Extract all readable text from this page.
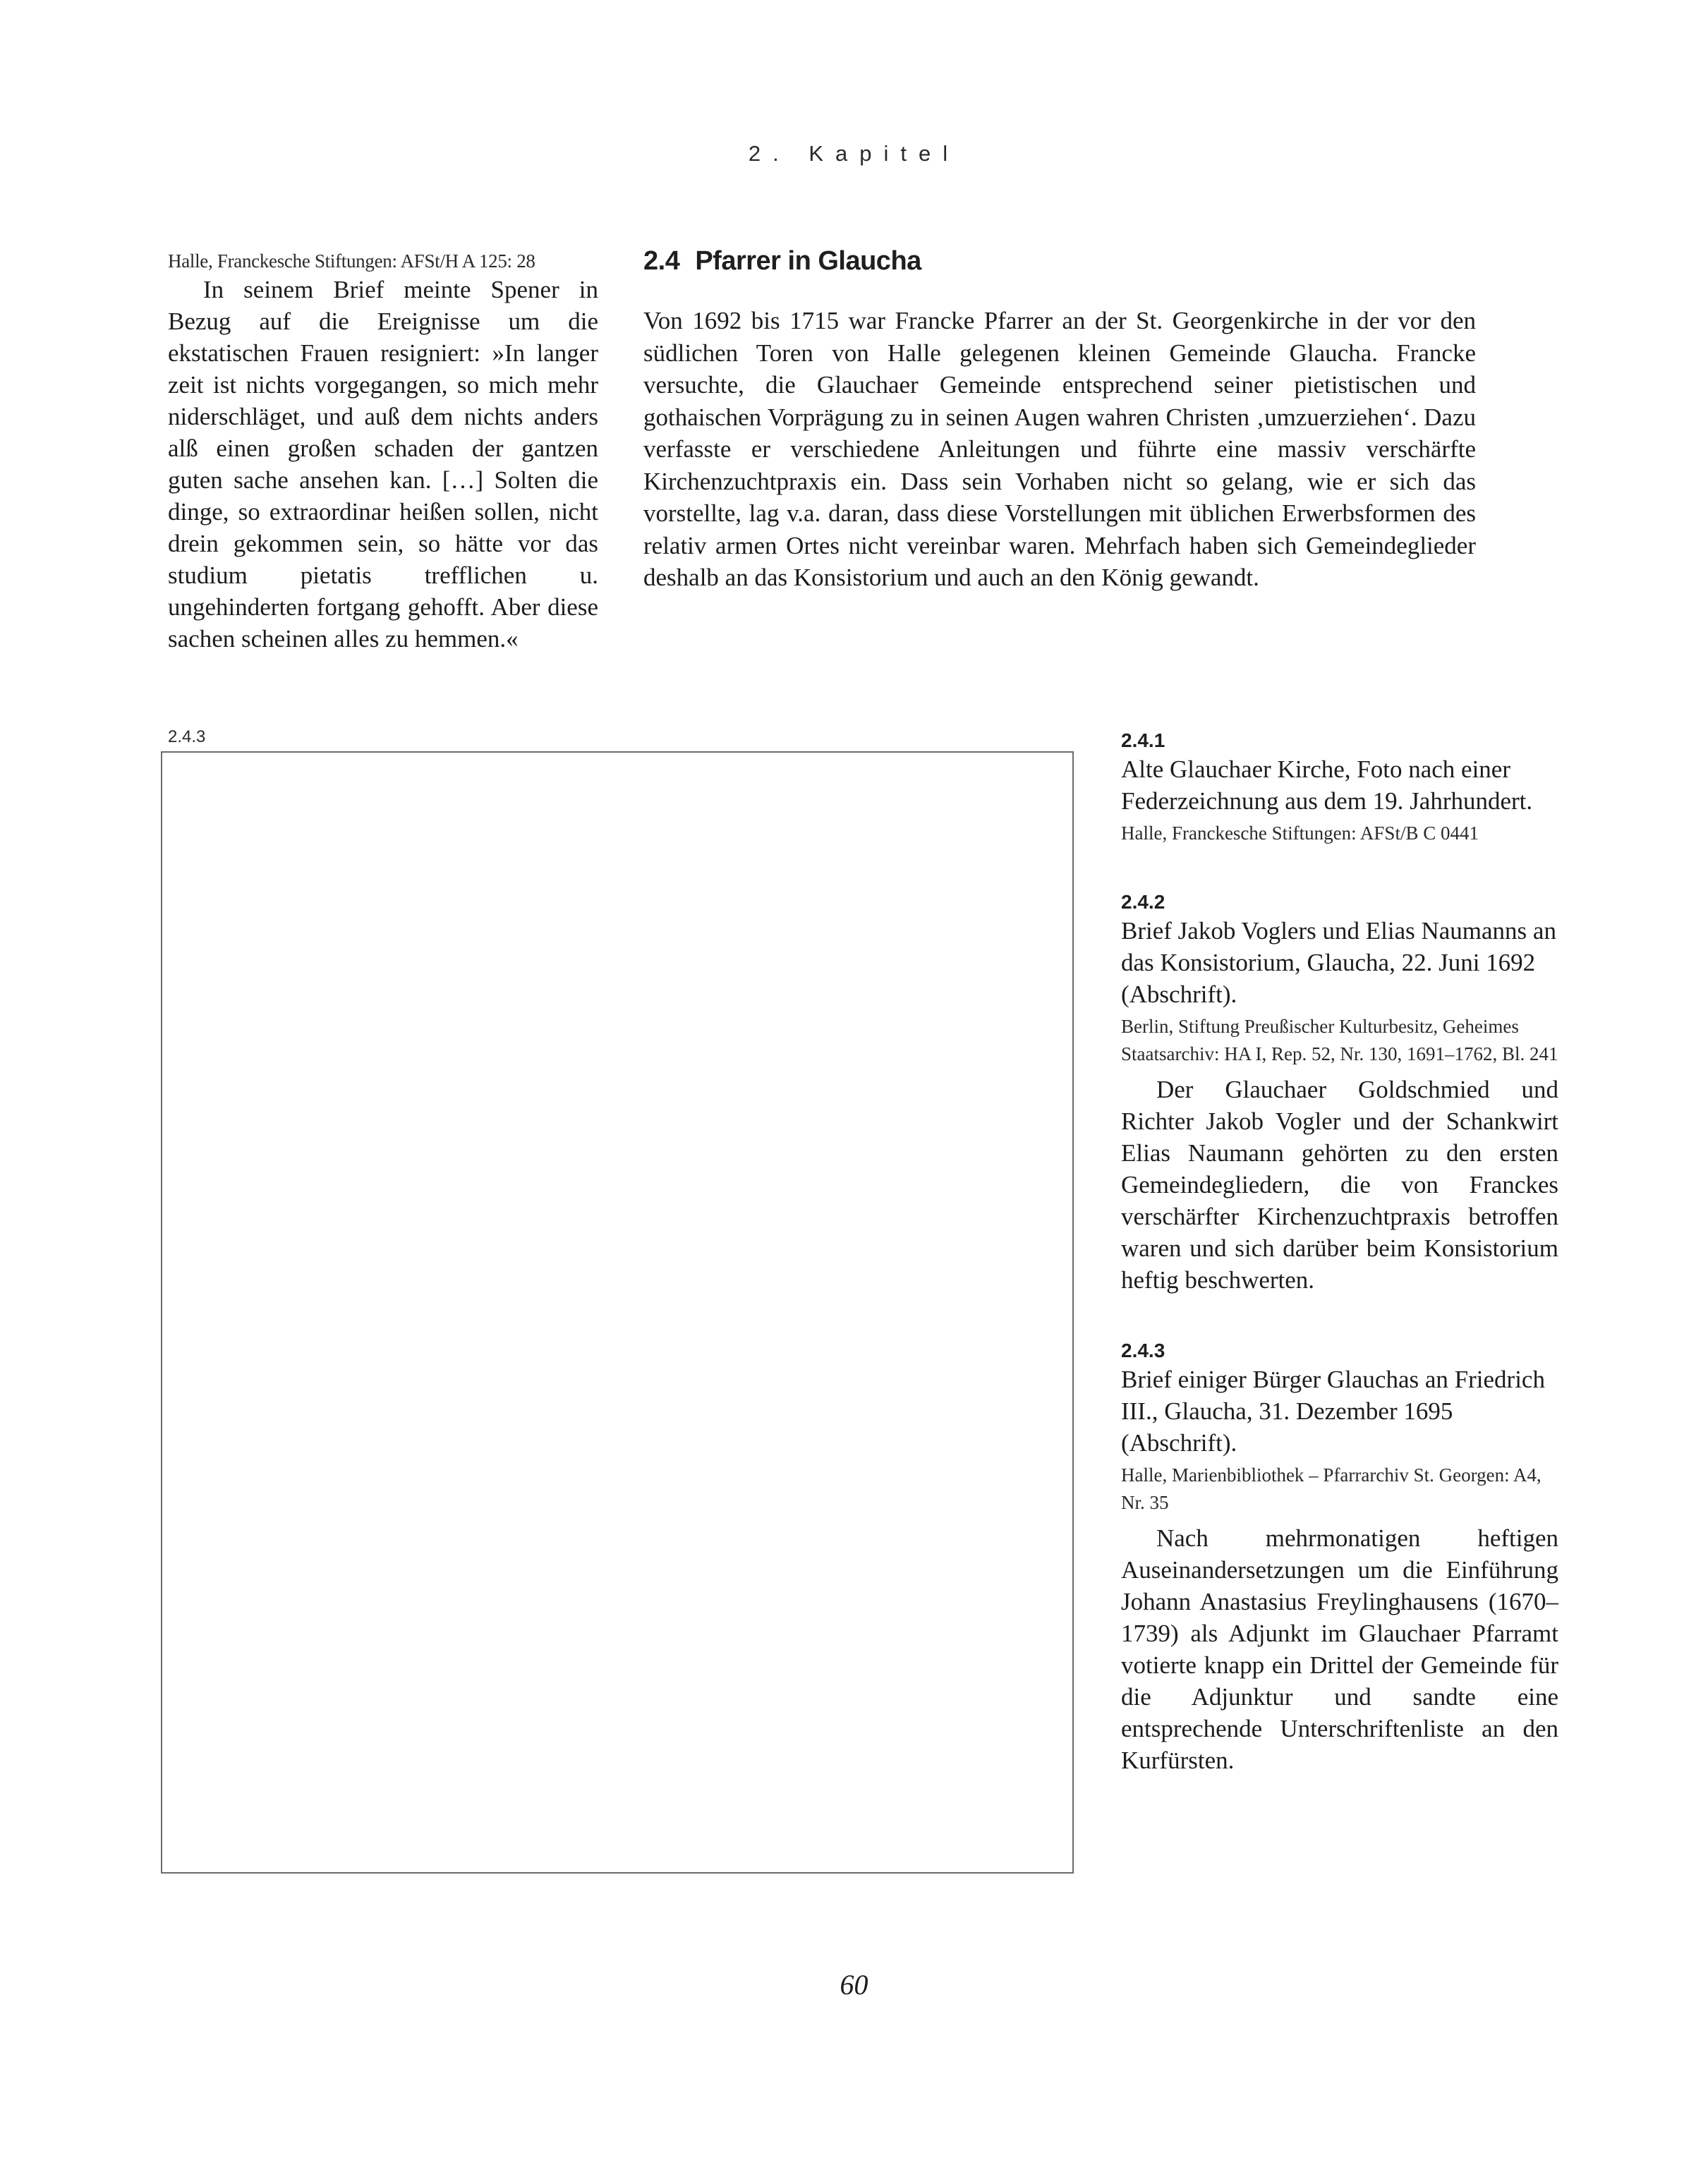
2. Kapitel
Halle, Franckesche Stiftungen: AFSt/H A 125: 28

In seinem Brief meinte Spener in Bezug auf die Ereignisse um die ekstatischen Frauen resigniert: »In langer zeit ist nichts vorgegangen, so mich mehr niderschläget, und auß dem nichts anders alß einen großen schaden der gantzen guten sache ansehen kan. […] Solten die dinge, so extraordinar heißen sollen, nicht drein gekommen sein, so hätte vor das studium pietatis trefflichen u. ungehinderten fortgang gehofft. Aber diese sachen scheinen alles zu hemmen.«

2.4 Pfarrer in Glaucha

Von 1692 bis 1715 war Francke Pfarrer an der St. Georgenkirche in der vor den südlichen Toren von Halle gelegenen kleinen Gemeinde Glaucha. Francke versuchte, die Glauchaer Gemeinde entsprechend seiner pietistischen und gothaischen Vorprägung zu in seinen Augen wahren Christen ‚umzuerziehen‘. Dazu verfasste er verschiedene Anleitungen und führte eine massiv verschärfte Kirchenzuchtpraxis ein. Dass sein Vorhaben nicht so gelang, wie er sich das vorstellte, lag v.a. daran, dass diese Vorstellungen mit üblichen Erwerbsformen des relativ armen Ortes nicht vereinbar waren. Mehrfach haben sich Gemeindeglieder deshalb an das Konsistorium und auch an den König gewandt.

2.4.3	2.4.1

Alte Glauchaer Kirche, Foto nach einer Federzeichnung aus dem 19. Jahrhundert.

Halle, Franckesche Stiftungen: AFSt/B C 0441

2.4.2

Brief Jakob Voglers und Elias Naumanns an das Konsistorium, Glaucha, 22. Juni 1692 (Abschrift).

Berlin, Stiftung Preußischer Kulturbesitz, Geheimes Staatsarchiv: HA I, Rep. 52, Nr. 130, 1691–1762, Bl. 241

Der Glauchaer Goldschmied und Richter Jakob Vogler und der Schankwirt Elias Naumann gehörten zu den ersten Gemeindegliedern, die von Franckes verschärfter Kirchenzuchtpraxis betroffen waren und sich darüber beim Konsistorium heftig beschwerten.

2.4.3

Brief einiger Bürger Glauchas an Friedrich III., Glaucha, 31. Dezember 1695 (Abschrift).

Halle, Marienbibliothek – Pfarrarchiv St. Georgen: A4, Nr. 35

Nach mehrmonatigen heftigen Auseinandersetzungen um die Einführung Johann Anastasius Freylinghausens (1670–1739) als Adjunkt im Glauchaer Pfarramt votierte knapp ein Drittel der Gemeinde für die Adjunktur und sandte eine entsprechende Unterschriftenliste an den Kurfürsten.

60
